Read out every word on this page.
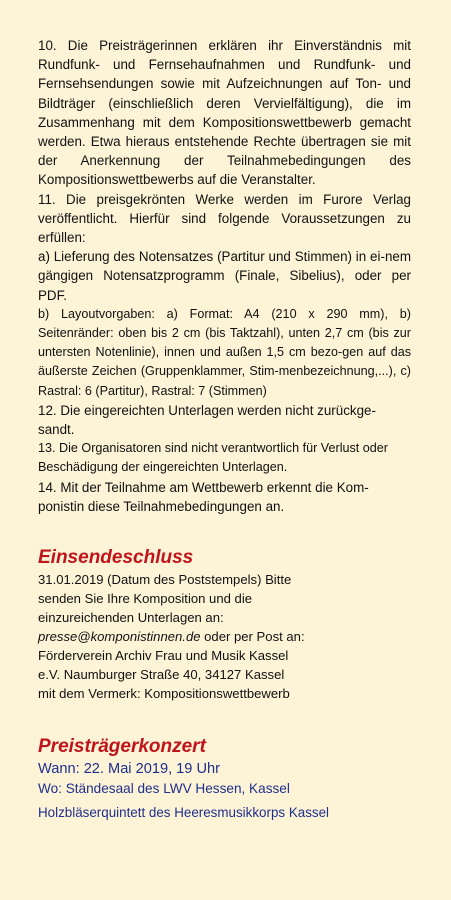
10. Die Preisträgerinnen erklären ihr Einverständnis mit Rundfunk- und Fernsehaufnahmen und Rundfunk- und Fernsehsendungen sowie mit Aufzeichnungen auf Ton- und Bildträger (einschließlich deren Vervielfältigung), die im Zusammenhang mit dem Kompositionswettbewerb gemacht werden. Etwa hieraus entstehende Rechte übertragen sie mit der Anerkennung der Teilnahmebedingungen des Kompositionswettbewerbs auf die Veranstalter.

11. Die preisgekrönten Werke werden im Furore Verlag veröffentlicht. Hierfür sind folgende Voraussetzungen zu erfüllen:

a) Lieferung des Notensatzes (Partitur und Stimmen) in ei-nem gängigen Notensatzprogramm (Finale, Sibelius), oder per PDF.

b) Layoutvorgaben: a) Format: A4 (210 x 290 mm), b) Seitenränder: oben bis 2 cm (bis Taktzahl), unten 2,7 cm (bis zur untersten Notenlinie), innen und außen 1,5 cm bezo-gen auf das äußerste Zeichen (Gruppenklammer, Stim-menbezeichnung,...), c) Rastral: 6 (Partitur), Rastral: 7 (Stimmen)

12. Die eingereichten Unterlagen werden nicht zurückge-sandt.

13. Die Organisatoren sind nicht verantwortlich für Verlust oder Beschädigung der eingereichten Unterlagen.

14. Mit der Teilnahme am Wettbewerb erkennt die Kom-ponistin diese Teilnahmebedingungen an.

Einsendeschluss

31.01.2019 (Datum des Poststempels) Bitte

senden Sie Ihre Komposition und die

einzureichenden Unterlagen an:

presse@komponistinnen.de oder per Post an:

Förderverein Archiv Frau und Musik Kassel

e.V. Naumburger Straße 40, 34127 Kassel

mit dem Vermerk: Kompositionswettbewerb

Preisträgerkonzert

Wann: 22. Mai 2019, 19 Uhr

Wo: Ständesaal des LWV Hessen, Kassel

Holzbläserquintett des Heeresmusikkorps Kassel
